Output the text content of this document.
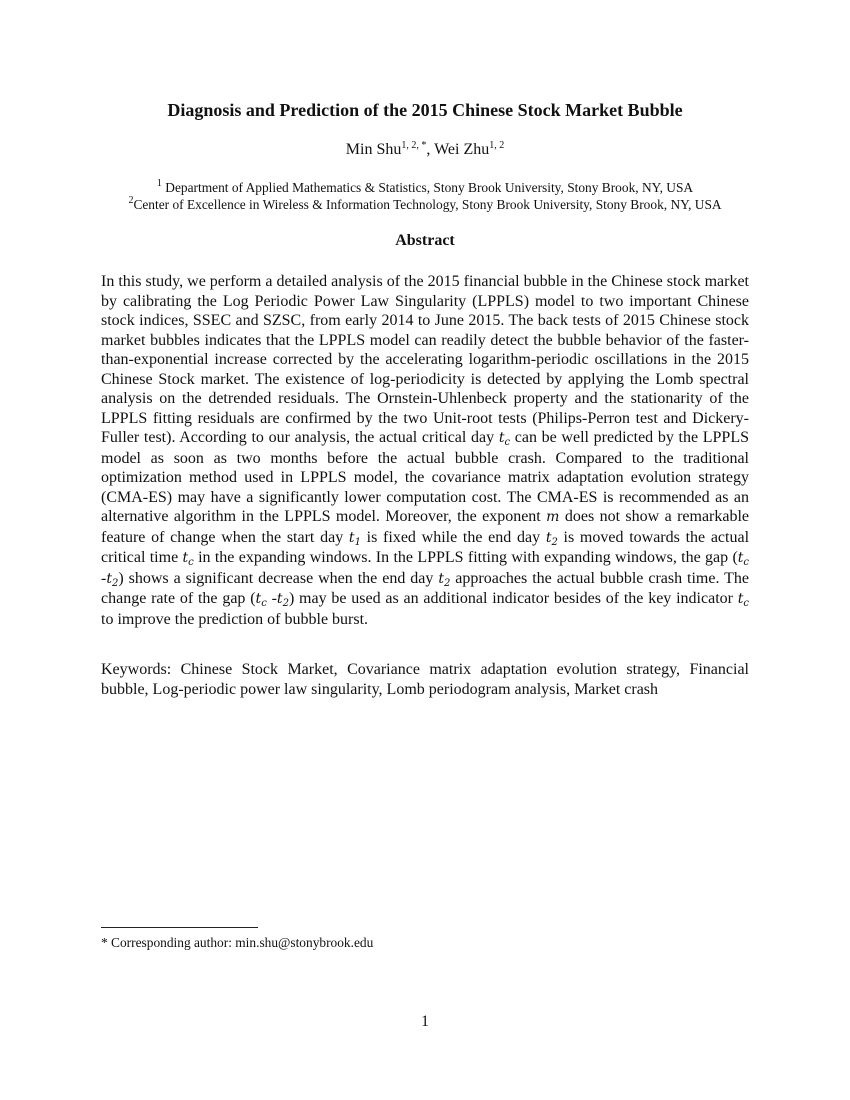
Diagnosis and Prediction of the 2015 Chinese Stock Market Bubble
Min Shu$^{1, 2, *}$, Wei Zhu$^{1, 2}$
$^1$ Department of Applied Mathematics & Statistics, Stony Brook University, Stony Brook, NY, USA
$^2$Center of Excellence in Wireless & Information Technology, Stony Brook University, Stony Brook, NY, USA
Abstract

In this study, we perform a detailed analysis of the 2015 financial bubble in the Chinese stock market by calibrating the Log Periodic Power Law Singularity (LPPLS) model to two important Chinese stock indices, SSEC and SZSC, from early 2014 to June 2015. The back tests of 2015 Chinese stock market bubbles indicates that the LPPLS model can readily detect the bubble behavior of the faster-than-exponential increase corrected by the accelerating logarithm-periodic oscillations in the 2015 Chinese Stock market. The existence of log-periodicity is detected by applying the Lomb spectral analysis on the detrended residuals. The Ornstein-Uhlenbeck property and the stationarity of the LPPLS fitting residuals are confirmed by the two Unit-root tests (Philips-Perron test and Dickery-Fuller test). According to our analysis, the actual critical day $t_c$ can be well predicted by the LPPLS model as soon as two months before the actual bubble crash. Compared to the traditional optimization method used in LPPLS model, the covariance matrix adaptation evolution strategy (CMA-ES) may have a significantly lower computation cost. The CMA-ES is recommended as an alternative algorithm in the LPPLS model. Moreover, the exponent m does not show a remarkable feature of change when the start day $t_1$ is fixed while the end day $t_2$ is moved towards the actual critical time $t_c$ in the expanding windows. In the LPPLS fitting with expanding windows, the gap ($t_c$ $-t_2$) shows a significant decrease when the end day $t_2$ approaches the actual bubble crash time. The change rate of the gap ($t_c$ $-t_2$) may be used as an additional indicator besides of the key indicator $t_c$ to improve the prediction of bubble burst.

Keywords: Chinese Stock Market, Covariance matrix adaptation evolution strategy, Financial bubble, Log-periodic power law singularity, Lomb periodogram analysis, Market crash

* Corresponding author: min.shu@stonybrook.edu
1
